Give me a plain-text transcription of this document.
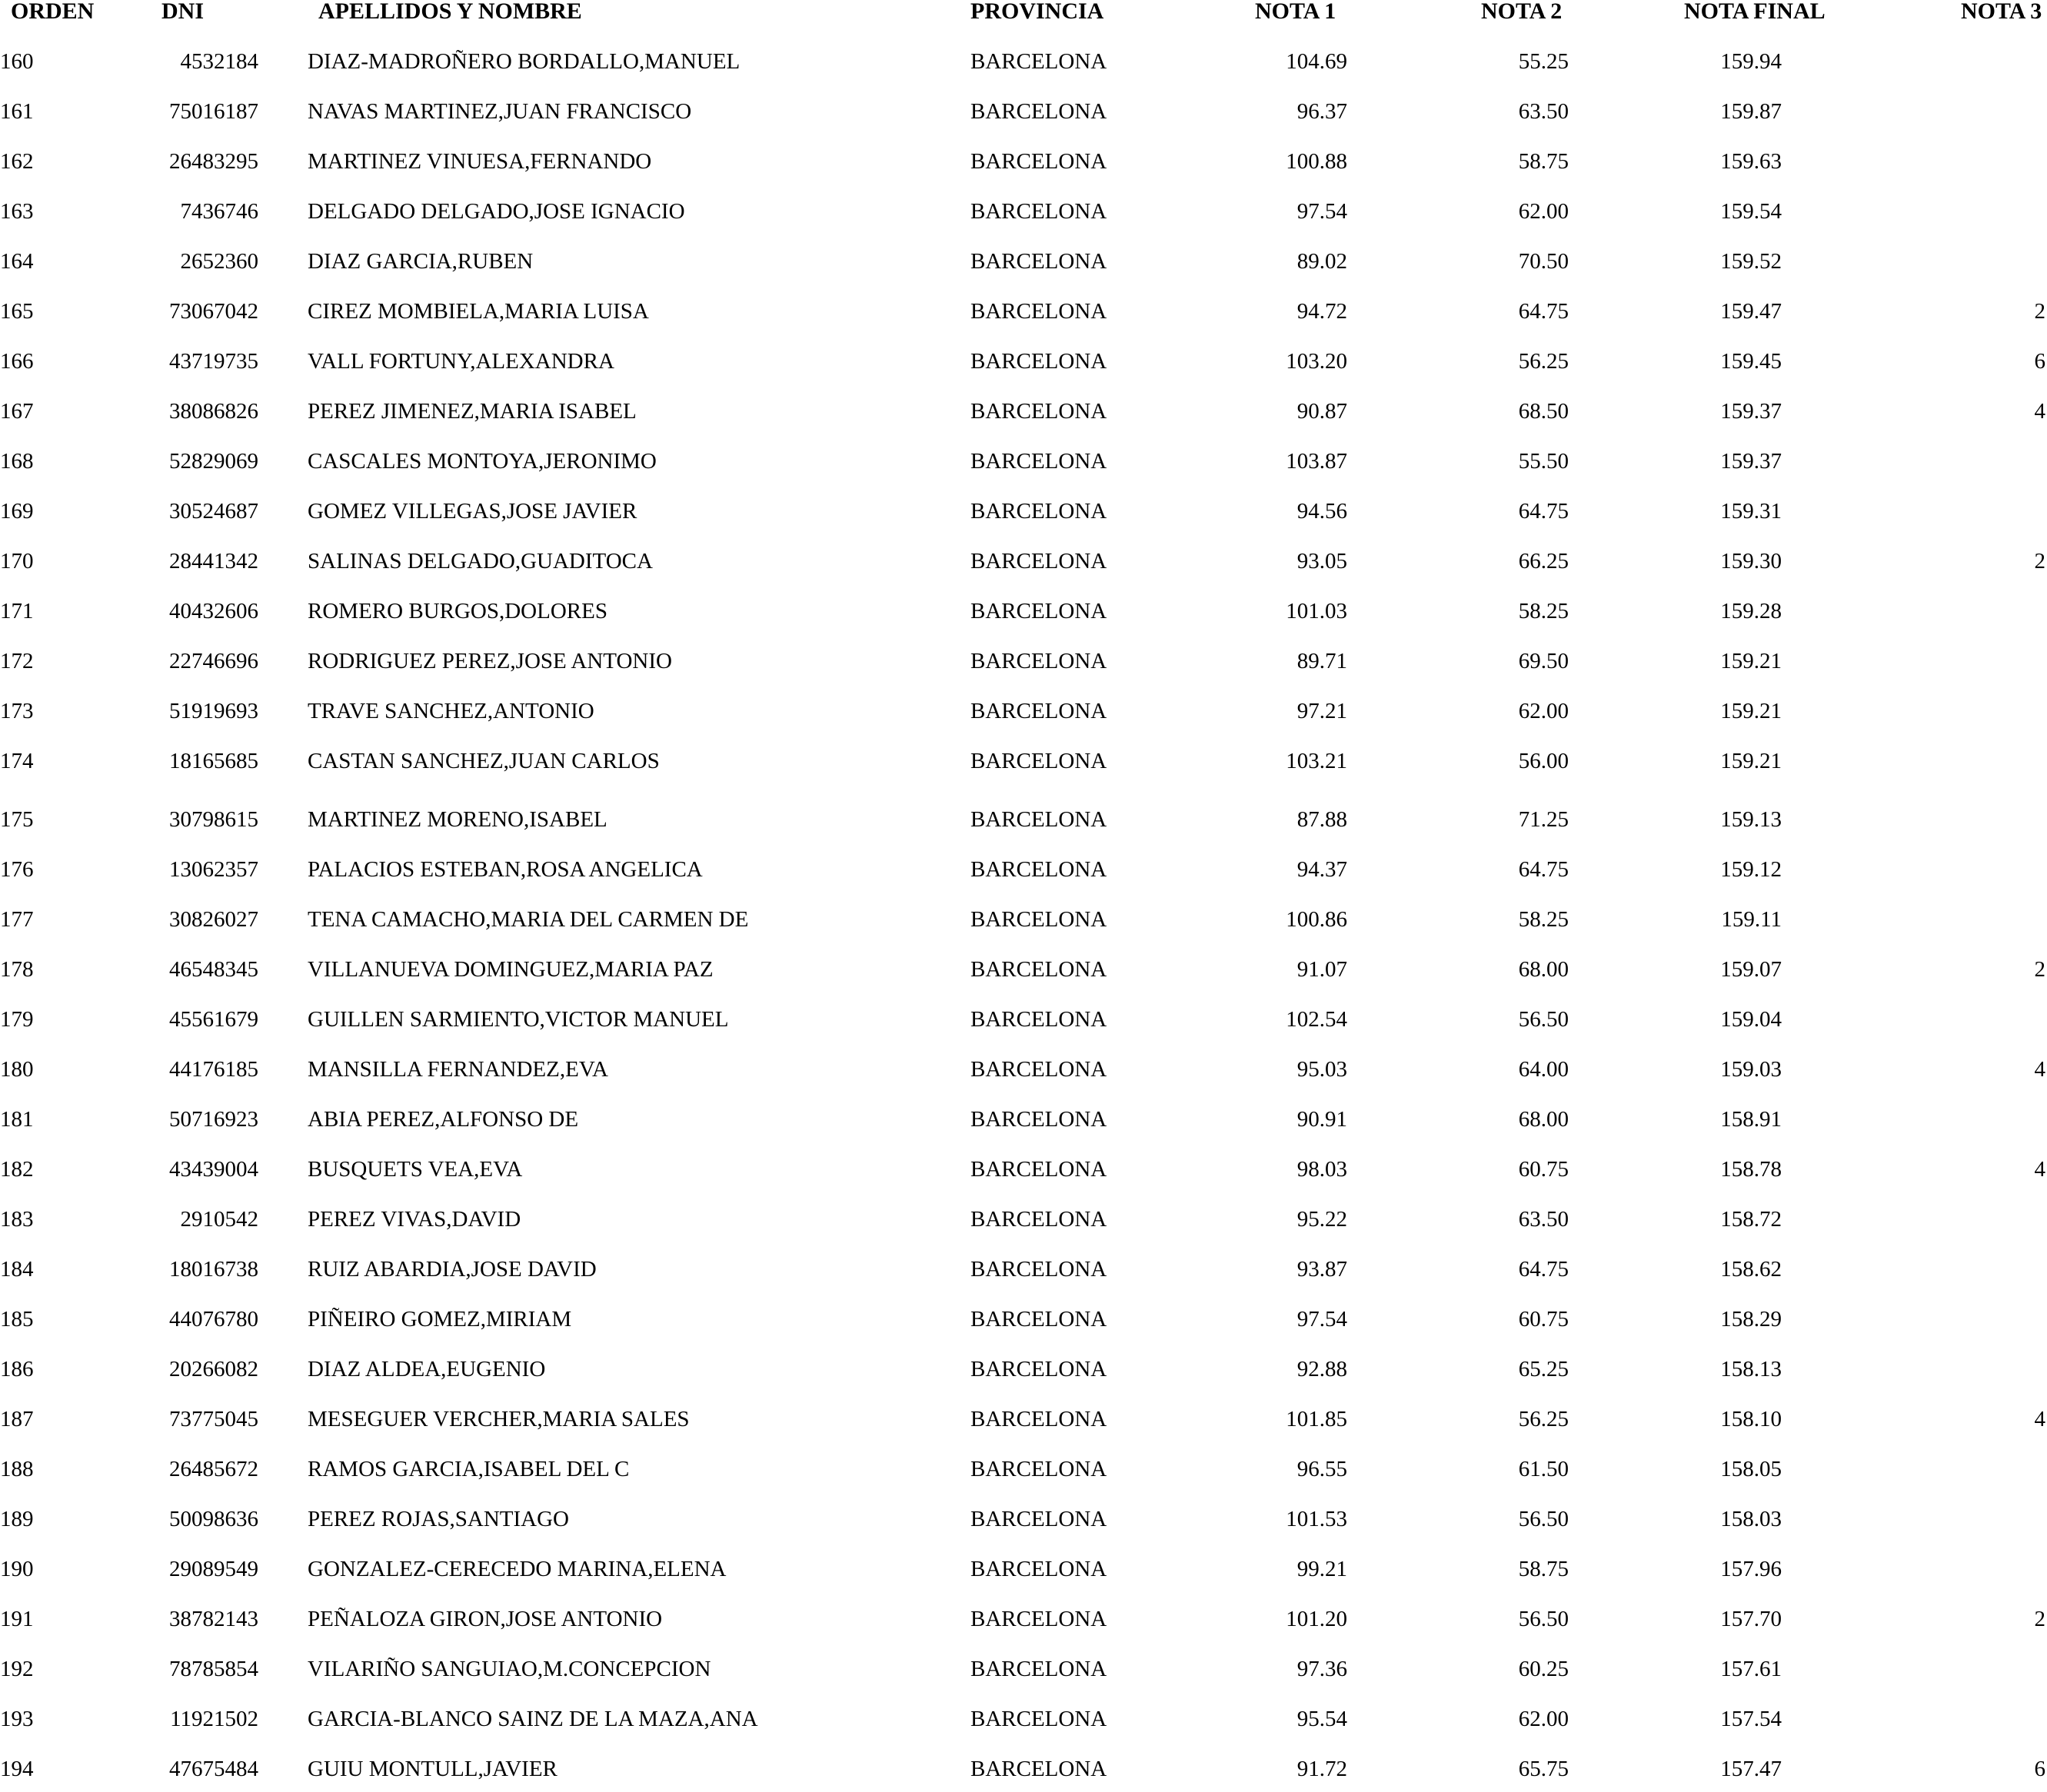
ORDEN	DNI	APELLIDOS Y NOMBRE	PROVINCIA	NOTA 1	NOTA 2	NOTA FINAL	NOTA 3
160	4532184 DIAZ-MADROÑERO BORDALLO,MANUEL	BARCELONA	104.69	55.25	159.94
161	75016187 NAVAS MARTINEZ,JUAN FRANCISCO	BARCELONA	96.37	63.50	159.87
162	26483295 MARTINEZ VINUESA,FERNANDO	BARCELONA	100.88	58.75	159.63
163	7436746 DELGADO DELGADO,JOSE IGNACIO	BARCELONA	97.54	62.00	159.54
164	2652360 DIAZ GARCIA,RUBEN	BARCELONA	89.02	70.50	159.52
165	73067042 CIREZ MOMBIELA,MARIA LUISA	BARCELONA	94.72	64.75	159.47	2
166	43719735 VALL FORTUNY,ALEXANDRA	BARCELONA	103.20	56.25	159.45	6
167	38086826 PEREZ JIMENEZ,MARIA ISABEL	BARCELONA	90.87	68.50	159.37	4
168	52829069 CASCALES MONTOYA,JERONIMO	BARCELONA	103.87	55.50	159.37
169	30524687 GOMEZ VILLEGAS,JOSE JAVIER	BARCELONA	94.56	64.75	159.31
170	28441342 SALINAS DELGADO,GUADITOCA	BARCELONA	93.05	66.25	159.30	2
171	40432606 ROMERO BURGOS,DOLORES	BARCELONA	101.03	58.25	159.28
172	22746696 RODRIGUEZ PEREZ,JOSE ANTONIO	BARCELONA	89.71	69.50	159.21
173	51919693 TRAVE SANCHEZ,ANTONIO	BARCELONA	97.21	62.00	159.21
174	18165685 CASTAN SANCHEZ,JUAN CARLOS	BARCELONA	103.21	56.00	159.21
175	30798615 MARTINEZ MORENO,ISABEL	BARCELONA	87.88	71.25	159.13
176	13062357 PALACIOS ESTEBAN,ROSA ANGELICA	BARCELONA	94.37	64.75	159.12
177	30826027 TENA CAMACHO,MARIA DEL CARMEN DE	BARCELONA	100.86	58.25	159.11
178	46548345 VILLANUEVA DOMINGUEZ,MARIA PAZ	BARCELONA	91.07	68.00	159.07	2
179	45561679 GUILLEN SARMIENTO,VICTOR MANUEL	BARCELONA	102.54	56.50	159.04
180	44176185 MANSILLA FERNANDEZ,EVA	BARCELONA	95.03	64.00	159.03	4
181	50716923 ABIA PEREZ,ALFONSO DE	BARCELONA	90.91	68.00	158.91
182	43439004 BUSQUETS VEA,EVA	BARCELONA	98.03	60.75	158.78	4
183	2910542 PEREZ VIVAS,DAVID	BARCELONA	95.22	63.50	158.72
184	18016738 RUIZ ABARDIA,JOSE DAVID	BARCELONA	93.87	64.75	158.62
185	44076780 PIÑEIRO GOMEZ,MIRIAM	BARCELONA	97.54	60.75	158.29
186	20266082 DIAZ ALDEA,EUGENIO	BARCELONA	92.88	65.25	158.13
187	73775045 MESEGUER VERCHER,MARIA SALES	BARCELONA	101.85	56.25	158.10	4
188	26485672 RAMOS GARCIA,ISABEL DEL C	BARCELONA	96.55	61.50	158.05
189	50098636 PEREZ ROJAS,SANTIAGO	BARCELONA	101.53	56.50	158.03
190	29089549 GONZALEZ-CERECEDO MARINA,ELENA	BARCELONA	99.21	58.75	157.96
191	38782143 PEÑALOZA GIRON,JOSE ANTONIO	BARCELONA	101.20	56.50	157.70	2
192	78785854 VILARIÑO SANGUIAO,M.CONCEPCION	BARCELONA	97.36	60.25	157.61
193	11921502 GARCIA-BLANCO SAINZ DE LA MAZA,ANA	BARCELONA	95.54	62.00	157.54
194	47675484 GUIU MONTULL,JAVIER	BARCELONA	91.72	65.75	157.47	6
